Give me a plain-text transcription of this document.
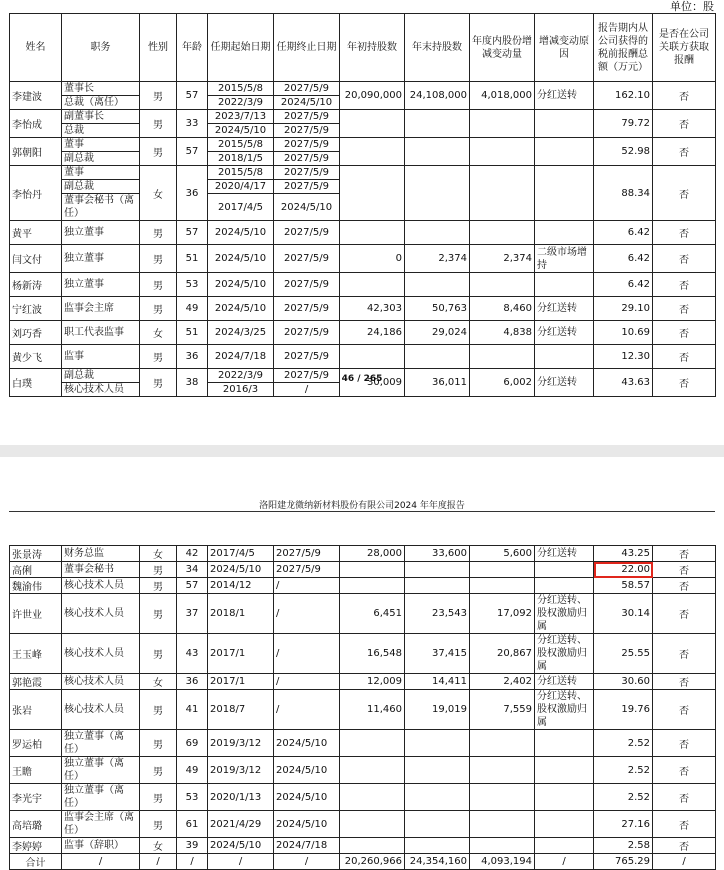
单位：股
姓名	职务	性别	年龄	任期起始日期	任期终止日期	年初持股数	年末持股数	年度内股份增减变动量	增减变动原因	报告期内从公司获得的税前报酬总额（万元）	是否在公司关联方获取报酬
李建波	董事长	男	57	2015/5/8	2027/5/9	20,090,000	24,108,000	4,018,000	分红送转	162.10	否
	总裁（离任）			2022/3/9	2024/5/10						
李怡成	副董事长	男	33	2023/7/13	2027/5/9					79.72	否
	总裁			2024/5/10	2027/5/9						
郭朝阳	董事	男	57	2015/5/8	2027/5/9					52.98	否
	副总裁			2018/1/5	2027/5/9						
李怡丹	董事	女	36	2015/5/8	2027/5/9					88.34	否
	副总裁			2020/4/17	2027/5/9						
	董事会秘书（离任）			2017/4/5	2024/5/10						
黄平	独立董事	男	57	2024/5/10	2027/5/9					6.42	否
闫文付	独立董事	男	51	2024/5/10	2027/5/9	0	2,374	2,374	二级市场增持	6.42	否
杨新涛	独立董事	男	53	2024/5/10	2027/5/9					6.42	否
宁红波	监事会主席	男	49	2024/5/10	2027/5/9	42,303	50,763	8,460	分红送转	29.10	否
刘巧香	职工代表监事	女	51	2024/3/25	2027/5/9	24,186	29,024	4,838	分红送转	10.69	否
黄少飞	监事	男	36	2024/7/18	2027/5/9					12.30	否
白璞	副总裁	男	38	2022/3/9	2027/5/9	30,009	36,011	6,002	分红送转	43.63	否
	核心技术人员			2016/3	/						
46 / 265
洛阳建龙微纳新材料股份有限公司2024 年年度报告
张景涛	财务总监	女	42	2017/4/5	2027/5/9	28,000	33,600	5,600	分红送转	43.25	否
高俐	董事会秘书	男	34	2024/5/10	2027/5/9					22.00	否
魏渝伟	核心技术人员	男	57	2014/12	/					58.57	否
许世业	核心技术人员	男	37	2018/1	/	6,451	23,543	17,092	分红送转、股权激励归属	30.14	否
王玉峰	核心技术人员	男	43	2017/1	/	16,548	37,415	20,867	分红送转、股权激励归属	25.55	否
郭艳霞	核心技术人员	女	36	2017/1	/	12,009	14,411	2,402	分红送转	30.60	否
张岩	核心技术人员	男	41	2018/7	/	11,460	19,019	7,559	分红送转、股权激励归属	19.76	否
罗运柏	独立董事（离任）	男	69	2019/3/12	2024/5/10					2.52	否
王瞻	独立董事（离任）	男	49	2019/3/12	2024/5/10					2.52	否
李光宇	独立董事（离任）	男	53	2020/1/13	2024/5/10					2.52	否
高培璐	监事会主席（离任）	男	61	2021/4/29	2024/5/10					27.16	否
李婷婷	监事（辞职）	女	39	2024/5/10	2024/7/18					2.58	否
合计	/	/	/	/	/	20,260,966	24,354,160	4,093,194	/	765.29	/
